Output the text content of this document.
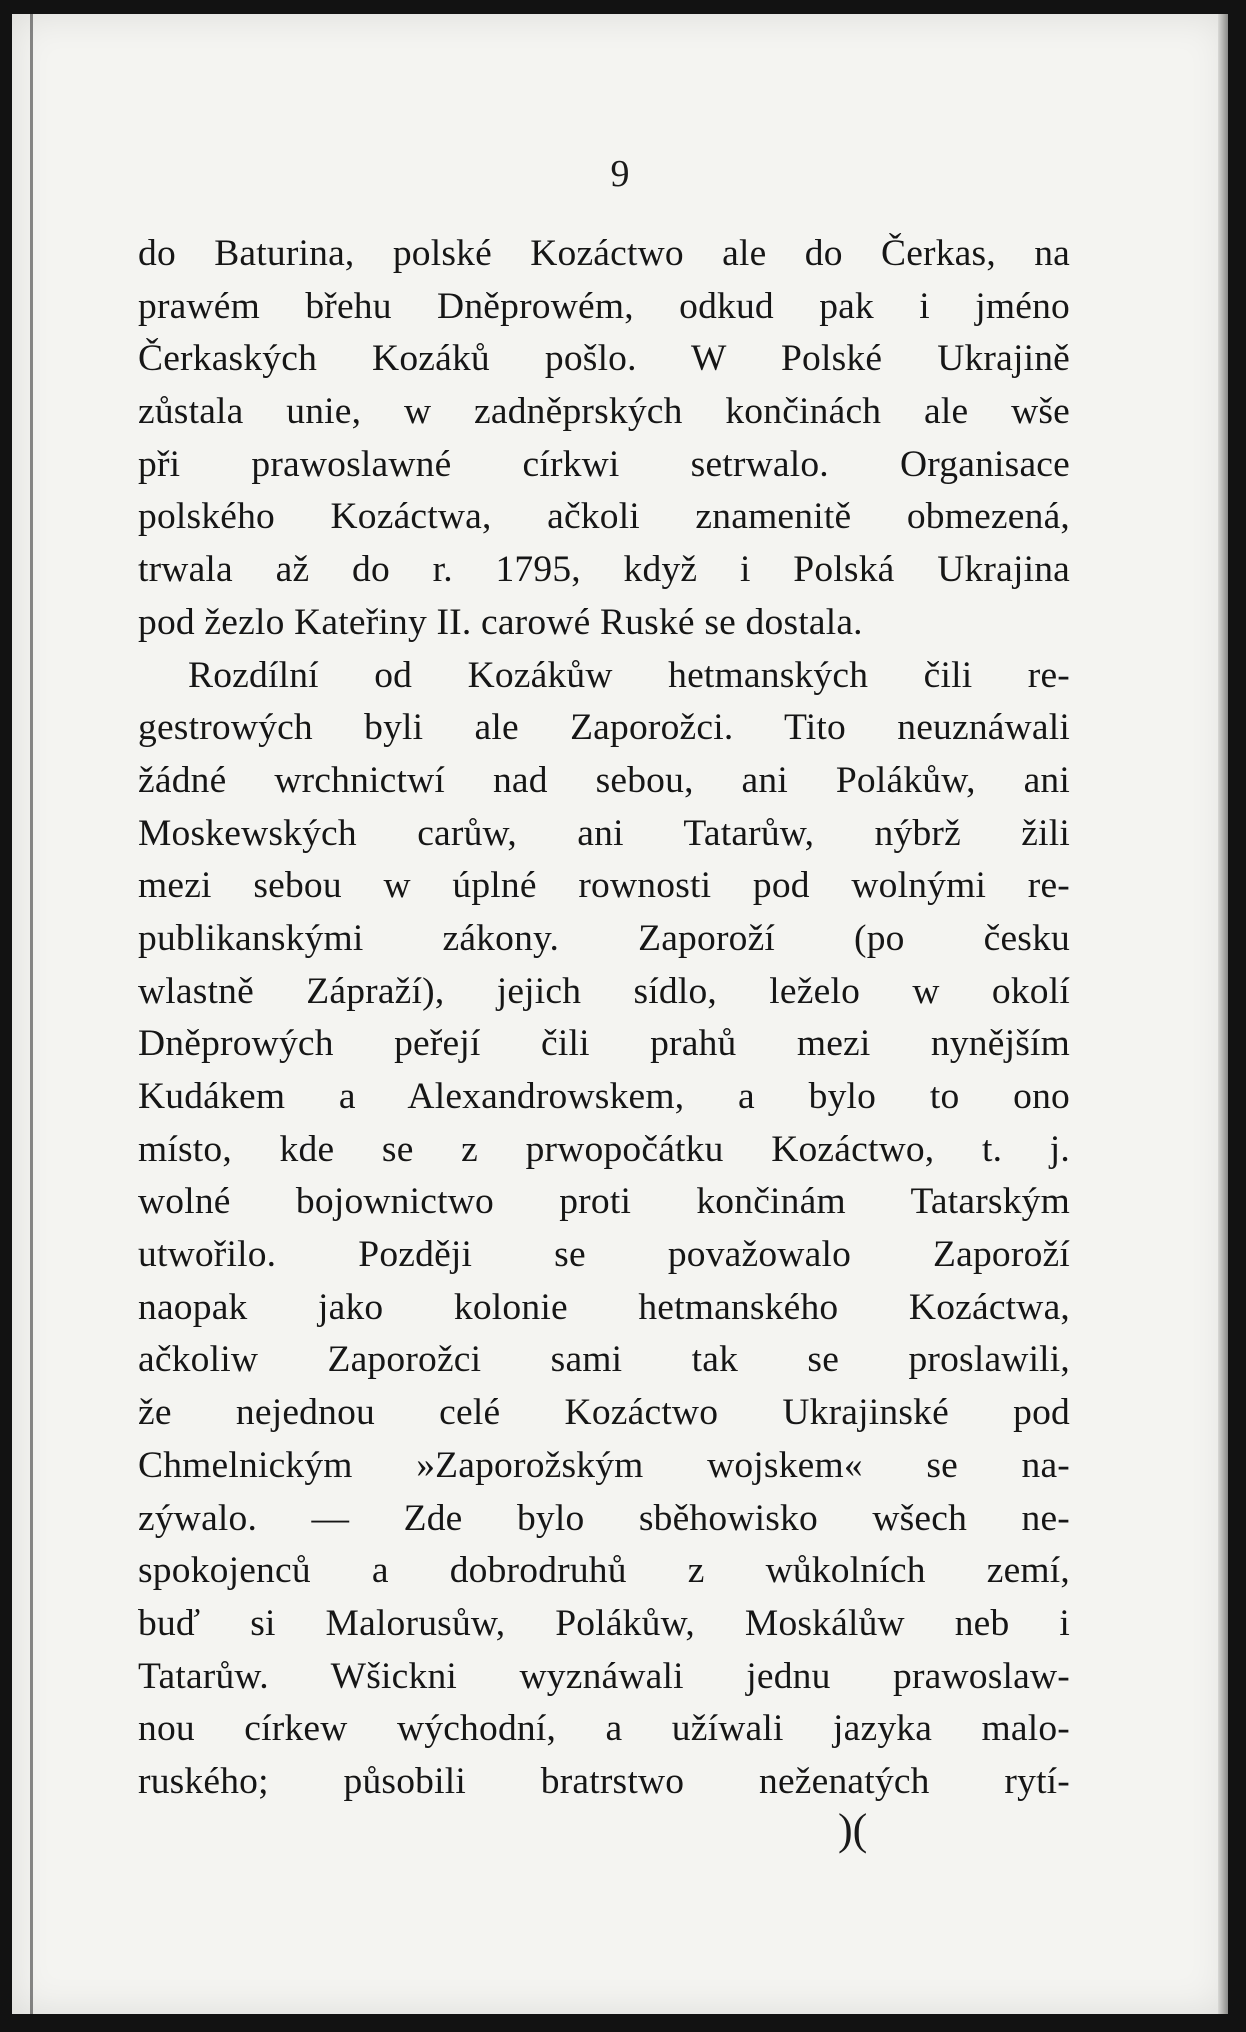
9
do Baturina, polské Kozáctwo ale do Čerkas, na
prawém břehu Dněprowém, odkud pak i jméno
Čerkaských Kozáků pošlo. W Polské Ukrajině
zůstala unie, w zadněprských končinách ale wše
při prawoslawné církwi setrwalo. Organisace
polského Kozáctwa, ačkoli znamenitě obmezená,
trwala až do r. 1795, když i Polská Ukrajina
pod žezlo Kateřiny II. carowé Ruské se dostala.
Rozdílní od Kozákůw hetmanských čili re-
gestrowých byli ale Zaporožci. Tito neuznáwali
žádné wrchnictwí nad sebou, ani Polákůw, ani
Moskewských carůw, ani Tatarůw, nýbrž žili
mezi sebou w úplné rownosti pod wolnými re-
publikanskými zákony. Zaporoží (po česku
wlastně Zápraží), jejich sídlo, leželo w okolí
Dněprowých peřejí čili prahů mezi nynějším
Kudákem a Alexandrowskem, a bylo to ono
místo, kde se z prwopočátku Kozáctwo, t. j.
wolné bojownictwo proti končinám Tatarským
utwořilo. Později se považowalo Zaporoží
naopak jako kolonie hetmanského Kozáctwa,
ačkoliw Zaporožci sami tak se proslawili,
že nejednou celé Kozáctwo Ukrajinské pod
Chmelnickým »Zaporožským wojskem« se na-
zýwalo. — Zde bylo sběhowisko wšech ne-
spokojenců a dobrodruhů z wůkolních zemí,
buď si Malorusůw, Polákůw, Moskálůw neb i
Tatarůw. Wšickni wyznáwali jednu prawoslaw-
nou církew wýchodní, a užíwali jazyka malo-
ruského; působili bratrstwo neženatých rytí-
)(
